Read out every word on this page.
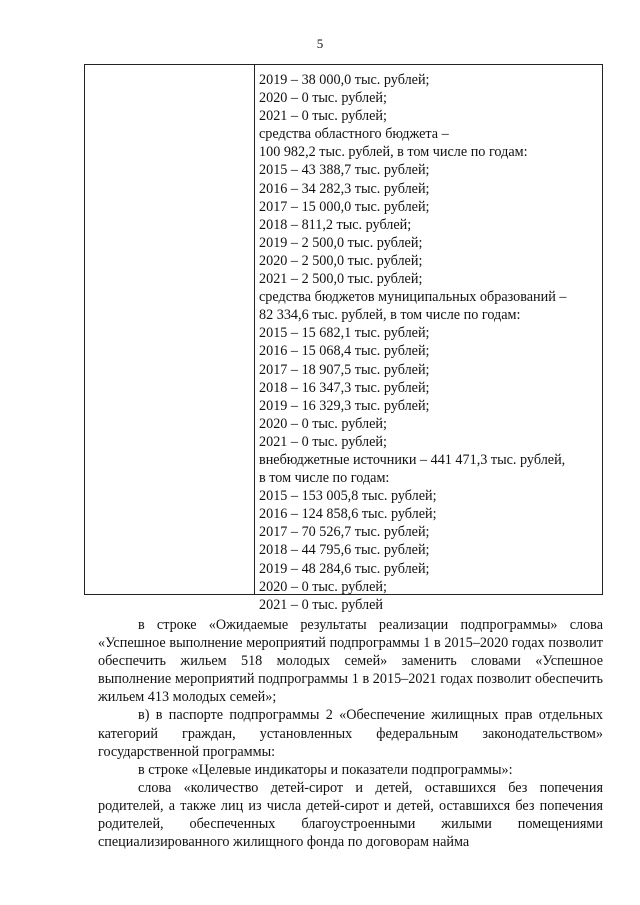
5
2019 – 38 000,0 тыс. рублей;
2020 – 0 тыс. рублей;
2021 – 0 тыс. рублей;
средства областного бюджета –
100 982,2 тыс. рублей, в том числе по годам:
2015 – 43 388,7 тыс. рублей;
2016 – 34 282,3 тыс. рублей;
2017 – 15 000,0 тыс. рублей;
2018 – 811,2 тыс. рублей;
2019 – 2 500,0 тыс. рублей;
2020 – 2 500,0 тыс. рублей;
2021 – 2 500,0 тыс. рублей;
средства бюджетов муниципальных образований –
82 334,6 тыс. рублей, в том числе по годам:
2015 – 15 682,1 тыс. рублей;
2016 – 15 068,4 тыс. рублей;
2017 – 18 907,5 тыс. рублей;
2018 – 16 347,3 тыс. рублей;
2019 – 16 329,3 тыс. рублей;
2020 – 0 тыс. рублей;
2021 – 0 тыс. рублей;
внебюджетные источники – 441 471,3 тыс. рублей,
в том числе по годам:
2015 – 153 005,8 тыс. рублей;
2016 – 124 858,6 тыс. рублей;
2017 – 70 526,7 тыс. рублей;
2018 – 44 795,6 тыс. рублей;
2019 – 48 284,6 тыс. рублей;
2020 – 0 тыс. рублей;
2021 – 0 тыс. рублей

в строке «Ожидаемые результаты реализации подпрограммы» слова «Успешное выполнение мероприятий подпрограммы 1 в 2015–2020 годах позволит обеспечить жильем 518 молодых семей» заменить словами «Успешное выполнение мероприятий подпрограммы 1 в 2015–2021 годах позволит обеспечить жильем 413 молодых семей»;

в) в паспорте подпрограммы 2 «Обеспечение жилищных прав отдельных категорий граждан, установленных федеральным законодательством» государственной программы:

в строке «Целевые индикаторы и показатели подпрограммы»:

слова «количество детей-сирот и детей, оставшихся без попечения родителей, а также лиц из числа детей-сирот и детей, оставшихся без попечения родителей, обеспеченных благоустроенными жилыми помещениями специализированного жилищного фонда по договорам найма
